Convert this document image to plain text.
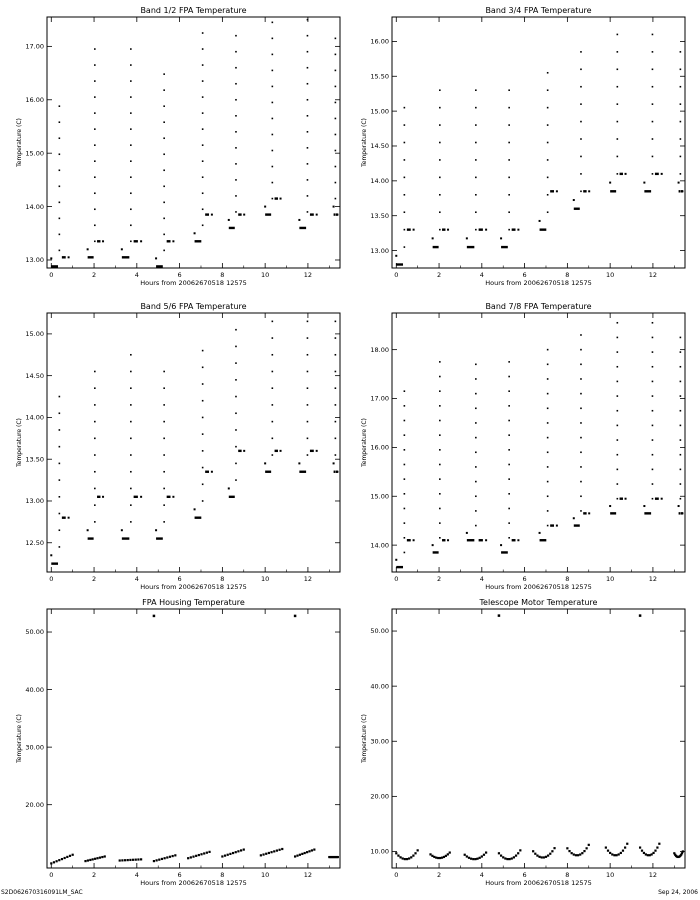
Band 1/2 FPA Temperature
Hours from 20062670518 12575
Temperature (C)
0	2	4	6	8	10	12
13.00
14.00
15.00
16.00
17.00
Band 3/4 FPA Temperature
Hours from 20062670518 12575
Temperature (C)
0	2	4	6	8	10	12
13.00
13.50
14.00
14.50
15.00
15.50
16.00
Band 5/6 FPA Temperature
Hours from 20062670518 12575
Temperature (C)
0	2	4	6	8	10	12
12.50
13.00
13.50
14.00
14.50
15.00
Band 7/8 FPA Temperature
Hours from 20062670518 12575
Temperature (C)
0	2	4	6	8	10	12
14.00
15.00
16.00
17.00
18.00
FPA Housing Temperature
Hours from 20062670518 12575
Temperature (C)
0	2	4	6	8	10	12
20.00
30.00
40.00
50.00
Telescope Motor Temperature
Hours from 20062670518 12575
Temperature (C)
0	2	4	6	8	10	12
10.00
20.00
30.00
40.00
50.00
S2D062670316091LM_SAC	Sep 24, 2006
